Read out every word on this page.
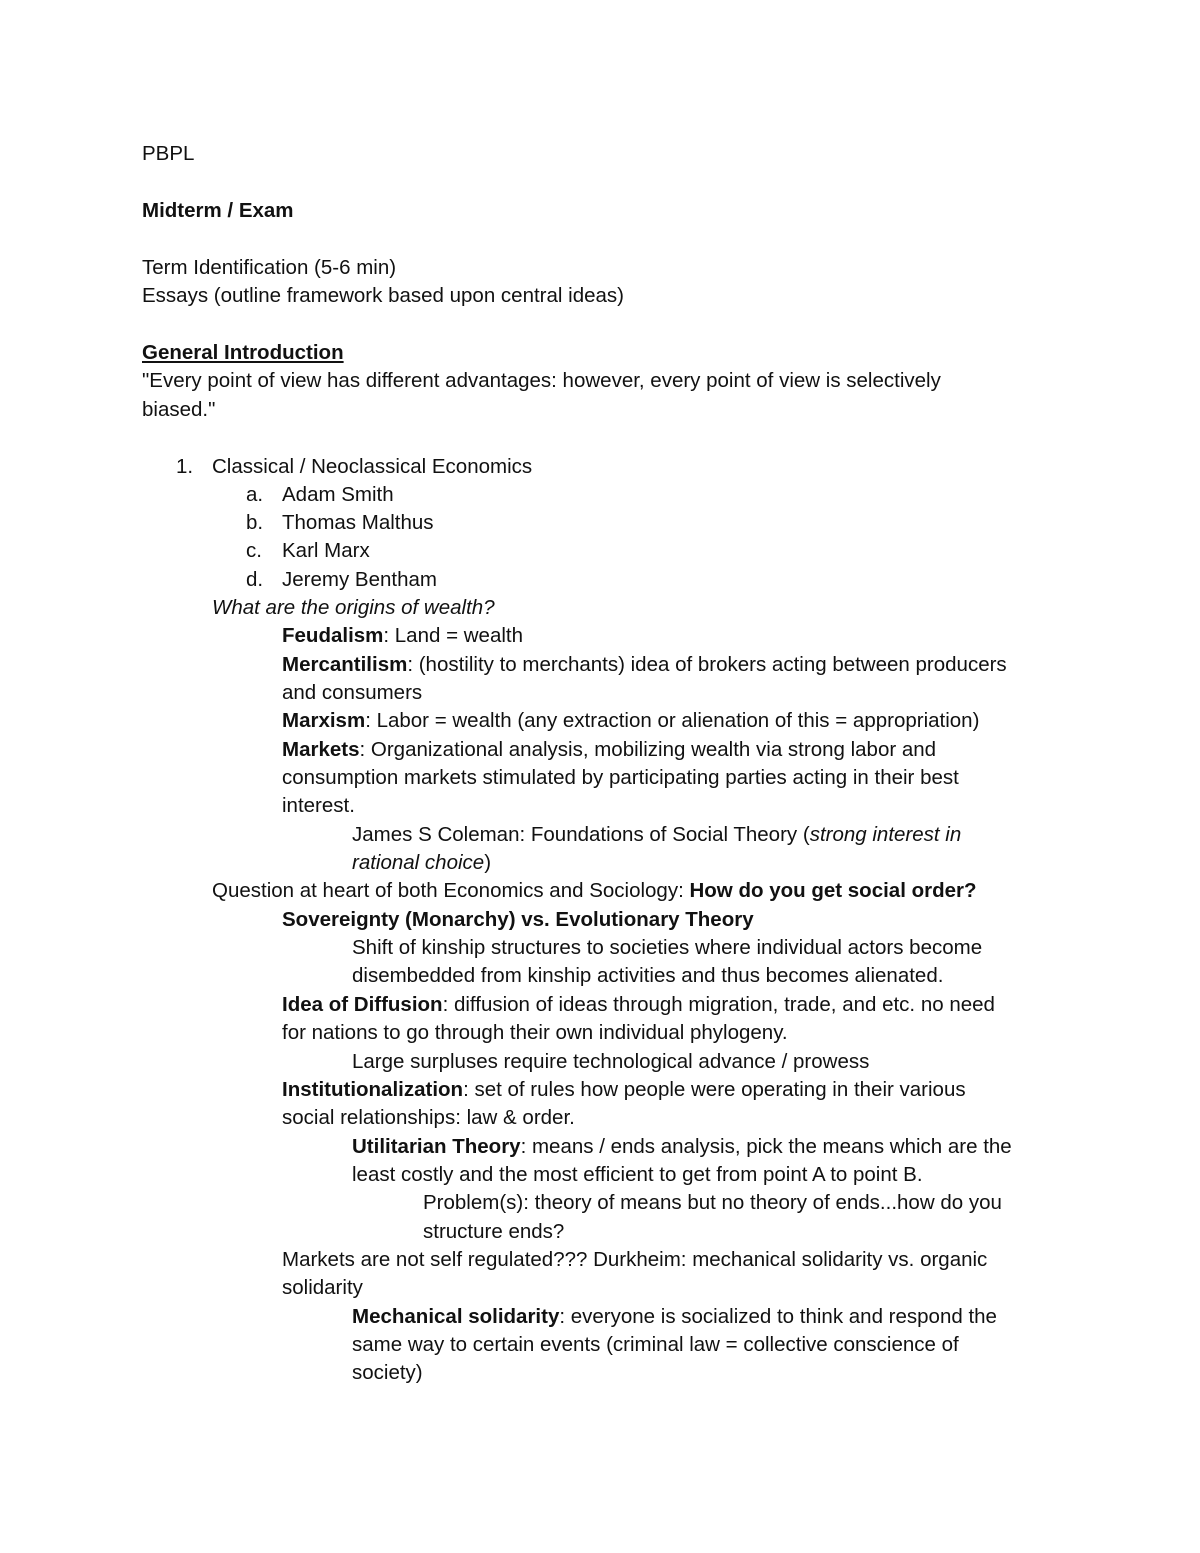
PBPL
Midterm / Exam
Term Identification (5-6 min)
Essays (outline framework based upon central ideas)
General Introduction
"Every point of view has different advantages: however, every point of view is selectively
biased."
1. Classical / Neoclassical Economics
a. Adam Smith
b. Thomas Malthus
c. Karl Marx
d. Jeremy Bentham
What are the origins of wealth?
Feudalism: Land = wealth
Mercantilism: (hostility to merchants) idea of brokers acting between producers
and consumers
Marxism: Labor = wealth (any extraction or alienation of this = appropriation)
Markets: Organizational analysis, mobilizing wealth via strong labor and
consumption markets stimulated by participating parties acting in their best
interest.
James S Coleman: Foundations of Social Theory (strong interest in
rational choice)
Question at heart of both Economics and Sociology: How do you get social order?
Sovereignty (Monarchy) vs. Evolutionary Theory
Shift of kinship structures to societies where individual actors become
disembedded from kinship activities and thus becomes alienated.
Idea of Diffusion: diffusion of ideas through migration, trade, and etc. no need
for nations to go through their own individual phylogeny.
Large surpluses require technological advance / prowess
Institutionalization: set of rules how people were operating in their various
social relationships: law & order.
Utilitarian Theory: means / ends analysis, pick the means which are the
least costly and the most efficient to get from point A to point B.
Problem(s): theory of means but no theory of ends...how do you
structure ends?
Markets are not self regulated??? Durkheim: mechanical solidarity vs. organic
solidarity
Mechanical solidarity: everyone is socialized to think and respond the
same way to certain events (criminal law = collective conscience of
society)
